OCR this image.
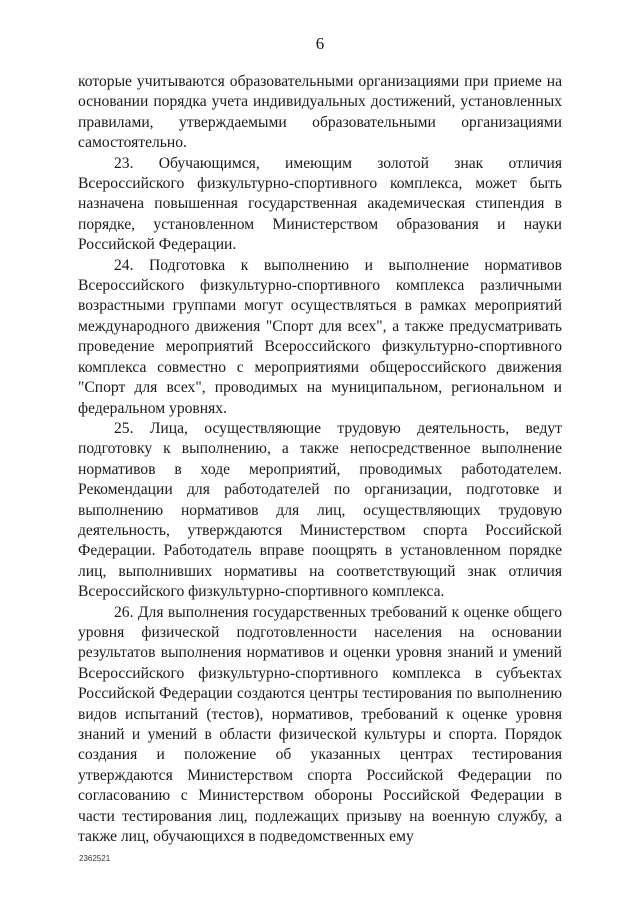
6

которые учитываются образовательными организациями при приеме на основании порядка учета индивидуальных достижений, установленных правилами, утверждаемыми образовательными организациями самостоятельно.

23. Обучающимся, имеющим золотой знак отличия Всероссийского физкультурно-спортивного комплекса, может быть назначена повышенная государственная академическая стипендия в порядке, установленном Министерством образования и науки Российской Федерации.

24. Подготовка к выполнению и выполнение нормативов Всероссийского физкультурно-спортивного комплекса различными возрастными группами могут осуществляться в рамках мероприятий международного движения "Спорт для всех", а также предусматривать проведение мероприятий Всероссийского физкультурно-спортивного комплекса совместно с мероприятиями общероссийского движения "Спорт для всех", проводимых на муниципальном, региональном и федеральном уровнях.

25. Лица, осуществляющие трудовую деятельность, ведут подготовку к выполнению, а также непосредственное выполнение нормативов в ходе мероприятий, проводимых работодателем. Рекомендации для работодателей по организации, подготовке и выполнению нормативов для лиц, осуществляющих трудовую деятельность, утверждаются Министерством спорта Российской Федерации. Работодатель вправе поощрять в установленном порядке лиц, выполнивших нормативы на соответствующий знак отличия Всероссийского физкультурно-спортивного комплекса.

26. Для выполнения государственных требований к оценке общего уровня физической подготовленности населения на основании результатов выполнения нормативов и оценки уровня знаний и умений Всероссийского физкультурно-спортивного комплекса в субъектах Российской Федерации создаются центры тестирования по выполнению видов испытаний (тестов), нормативов, требований к оценке уровня знаний и умений в области физической культуры и спорта. Порядок создания и положение об указанных центрах тестирования утверждаются Министерством спорта Российской Федерации по согласованию с Министерством обороны Российской Федерации в части тестирования лиц, подлежащих призыву на военную службу, а также лиц, обучающихся в подведомственных ему

2362521
